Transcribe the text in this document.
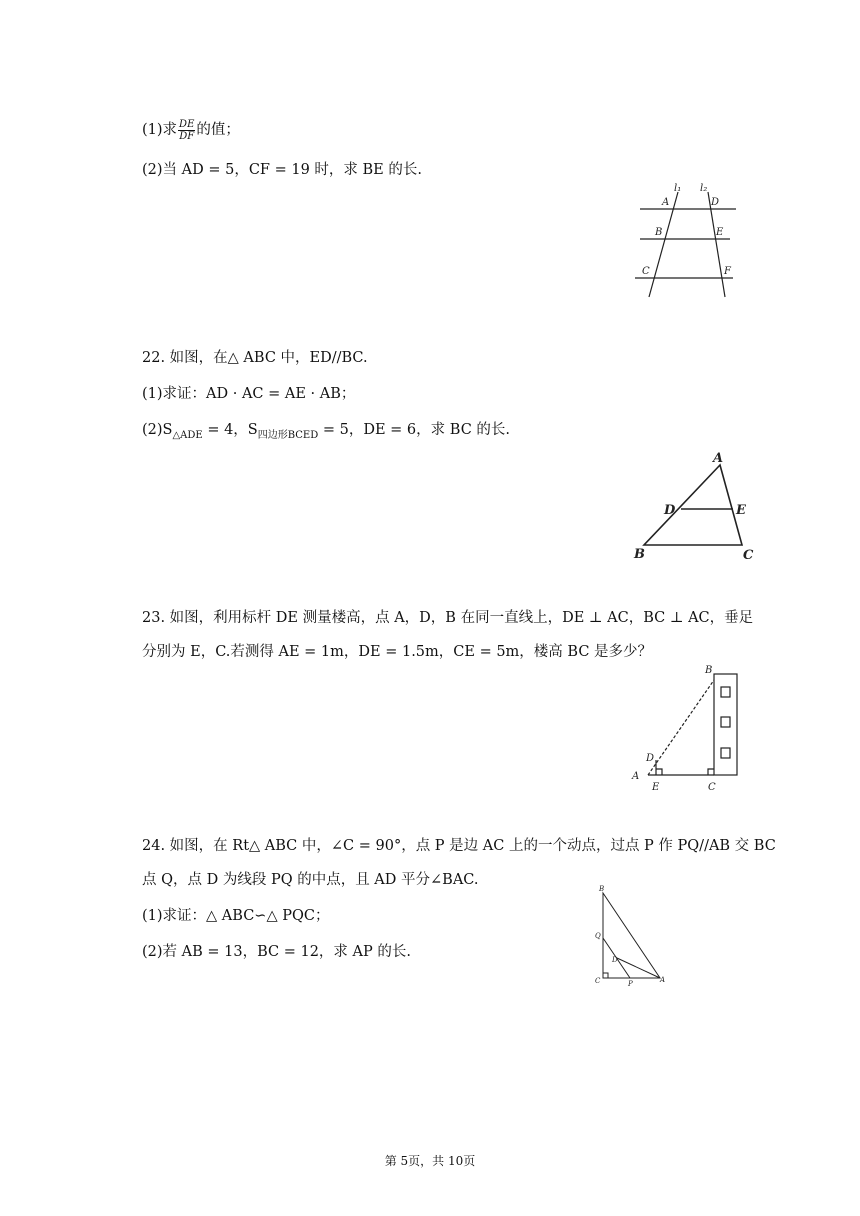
(1)求 $\frac{DE}{DF}$ 的值；
(2)当 AD = 5，CF = 19 时，求 BE 的长.
l₁ l₂
A	D
B	E
C	F
22. 如图，在△ ABC 中，ED//BC.
(1)求证：AD · AC = AE · AB；
$(2)S_{\triangle ADE} = 4$，$S_{四边形BCED} = 5$，DE = 6，求 BC 的长.
A
D	E
B	C
23. 如图，利用标杆 DE 测量楼高，点 A，D，B 在同一直线上，DE ⊥ AC，BC ⊥ AC，垂足
分别为 E，C.若测得 AE = 1m，DE = 1.5m，CE = 5m，楼高 BC 是多少？
B
D
A
E	C
24. 如图，在 Rt△ ABC 中，∠C = 90°，点 P 是边 AC 上的一个动点，过点 P 作 PQ//AB 交 BC
点 Q，点 D 为线段 PQ 的中点，且 AD 平分∠BAC.
(1)求证：△ ABC∽△ PQC；
(2)若 AB = 13，BC = 12，求 AP 的长.
B
Q
D
C	P	A
第 5页，共 10页
